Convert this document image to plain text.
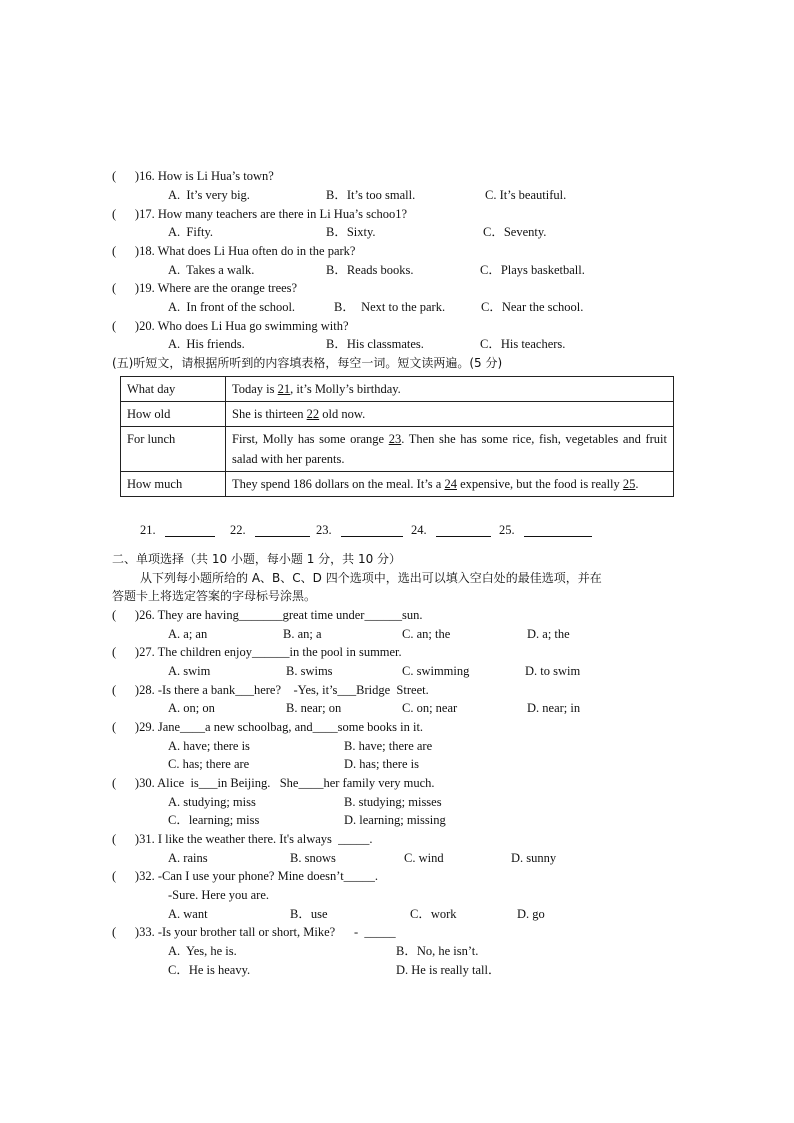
(      )16. How is Li Hua’s town?
A.  It’s very big.	B．It’s too small.	C. It’s beautiful.
(      )17. How many teachers are there in Li Hua’s schoo1?
A.  Fifty.	B．Sixty.	C．Seventy.
(      )18. What does Li Hua often do in the park?
A.  Takes a walk.	B．Reads books.	C．Plays basketball.
(      )19. Where are the orange trees?
A.  In front of the school.	B．  Next to the park.	C．Near the school.
(      )20. Who does Li Hua go swimming with?
A.  His friends.	B．His classmates.	C．His teachers.
(五)听短文，请根据所听到的内容填表格，每空一词。短文读两遍。(5 分)
What day	Today is 21, it’s Molly’s birthday.
How old	She is thirteen 22 old now.
For lunch	First, Molly has some orange 23. Then she has some rice, fish, vegetables and fruit salad with her parents.
How much	They spend 186 dollars on the meal. It’s a 24 expensive, but the food is really 25.
21.	22.	23.	24.	25.
二、单项选择（共 10 小题，每小题 1 分，共 10 分）
从下列每小题所给的 A、B、C、D 四个选项中，选出可以填入空白处的最佳选项，并在
答题卡上将选定答案的字母标号涂黑。
(      )26. They are having_______great time under______sun.
A. a; an	B. an; a	C. an; the	D. a; the
(      )27. The children enjoy______in the pool in summer.
A. swim	B. swims	C. swimming	D. to swim
(      )28. -Is there a bank___here?    -Yes, it’s___Bridge  Street.
A. on; on	B. near; on	C. on; near	D. near; in
(      )29. Jane____a new schoolbag, and____some books in it.
A. have; there is	B. have; there are
C. has; there are	D. has; there is
(      )30. Alice  is___in Beijing.   She____her family very much.
A. studying; miss	B. studying; misses
C．learning; miss	D. learning; missing
(      )31. I like the weather there. It's always  _____.
A. rains	B. snows	C. wind	D. sunny
(      )32. -Can I use your phone? Mine doesn’t_____.
-Sure. Here you are.
A. want	B．use	C．work	D. go
(      )33. -Is your brother tall or short, Mike?      -  _____
A.  Yes, he is.	B．No, he isn’t.
C．He is heavy.	D. He is really tall．
